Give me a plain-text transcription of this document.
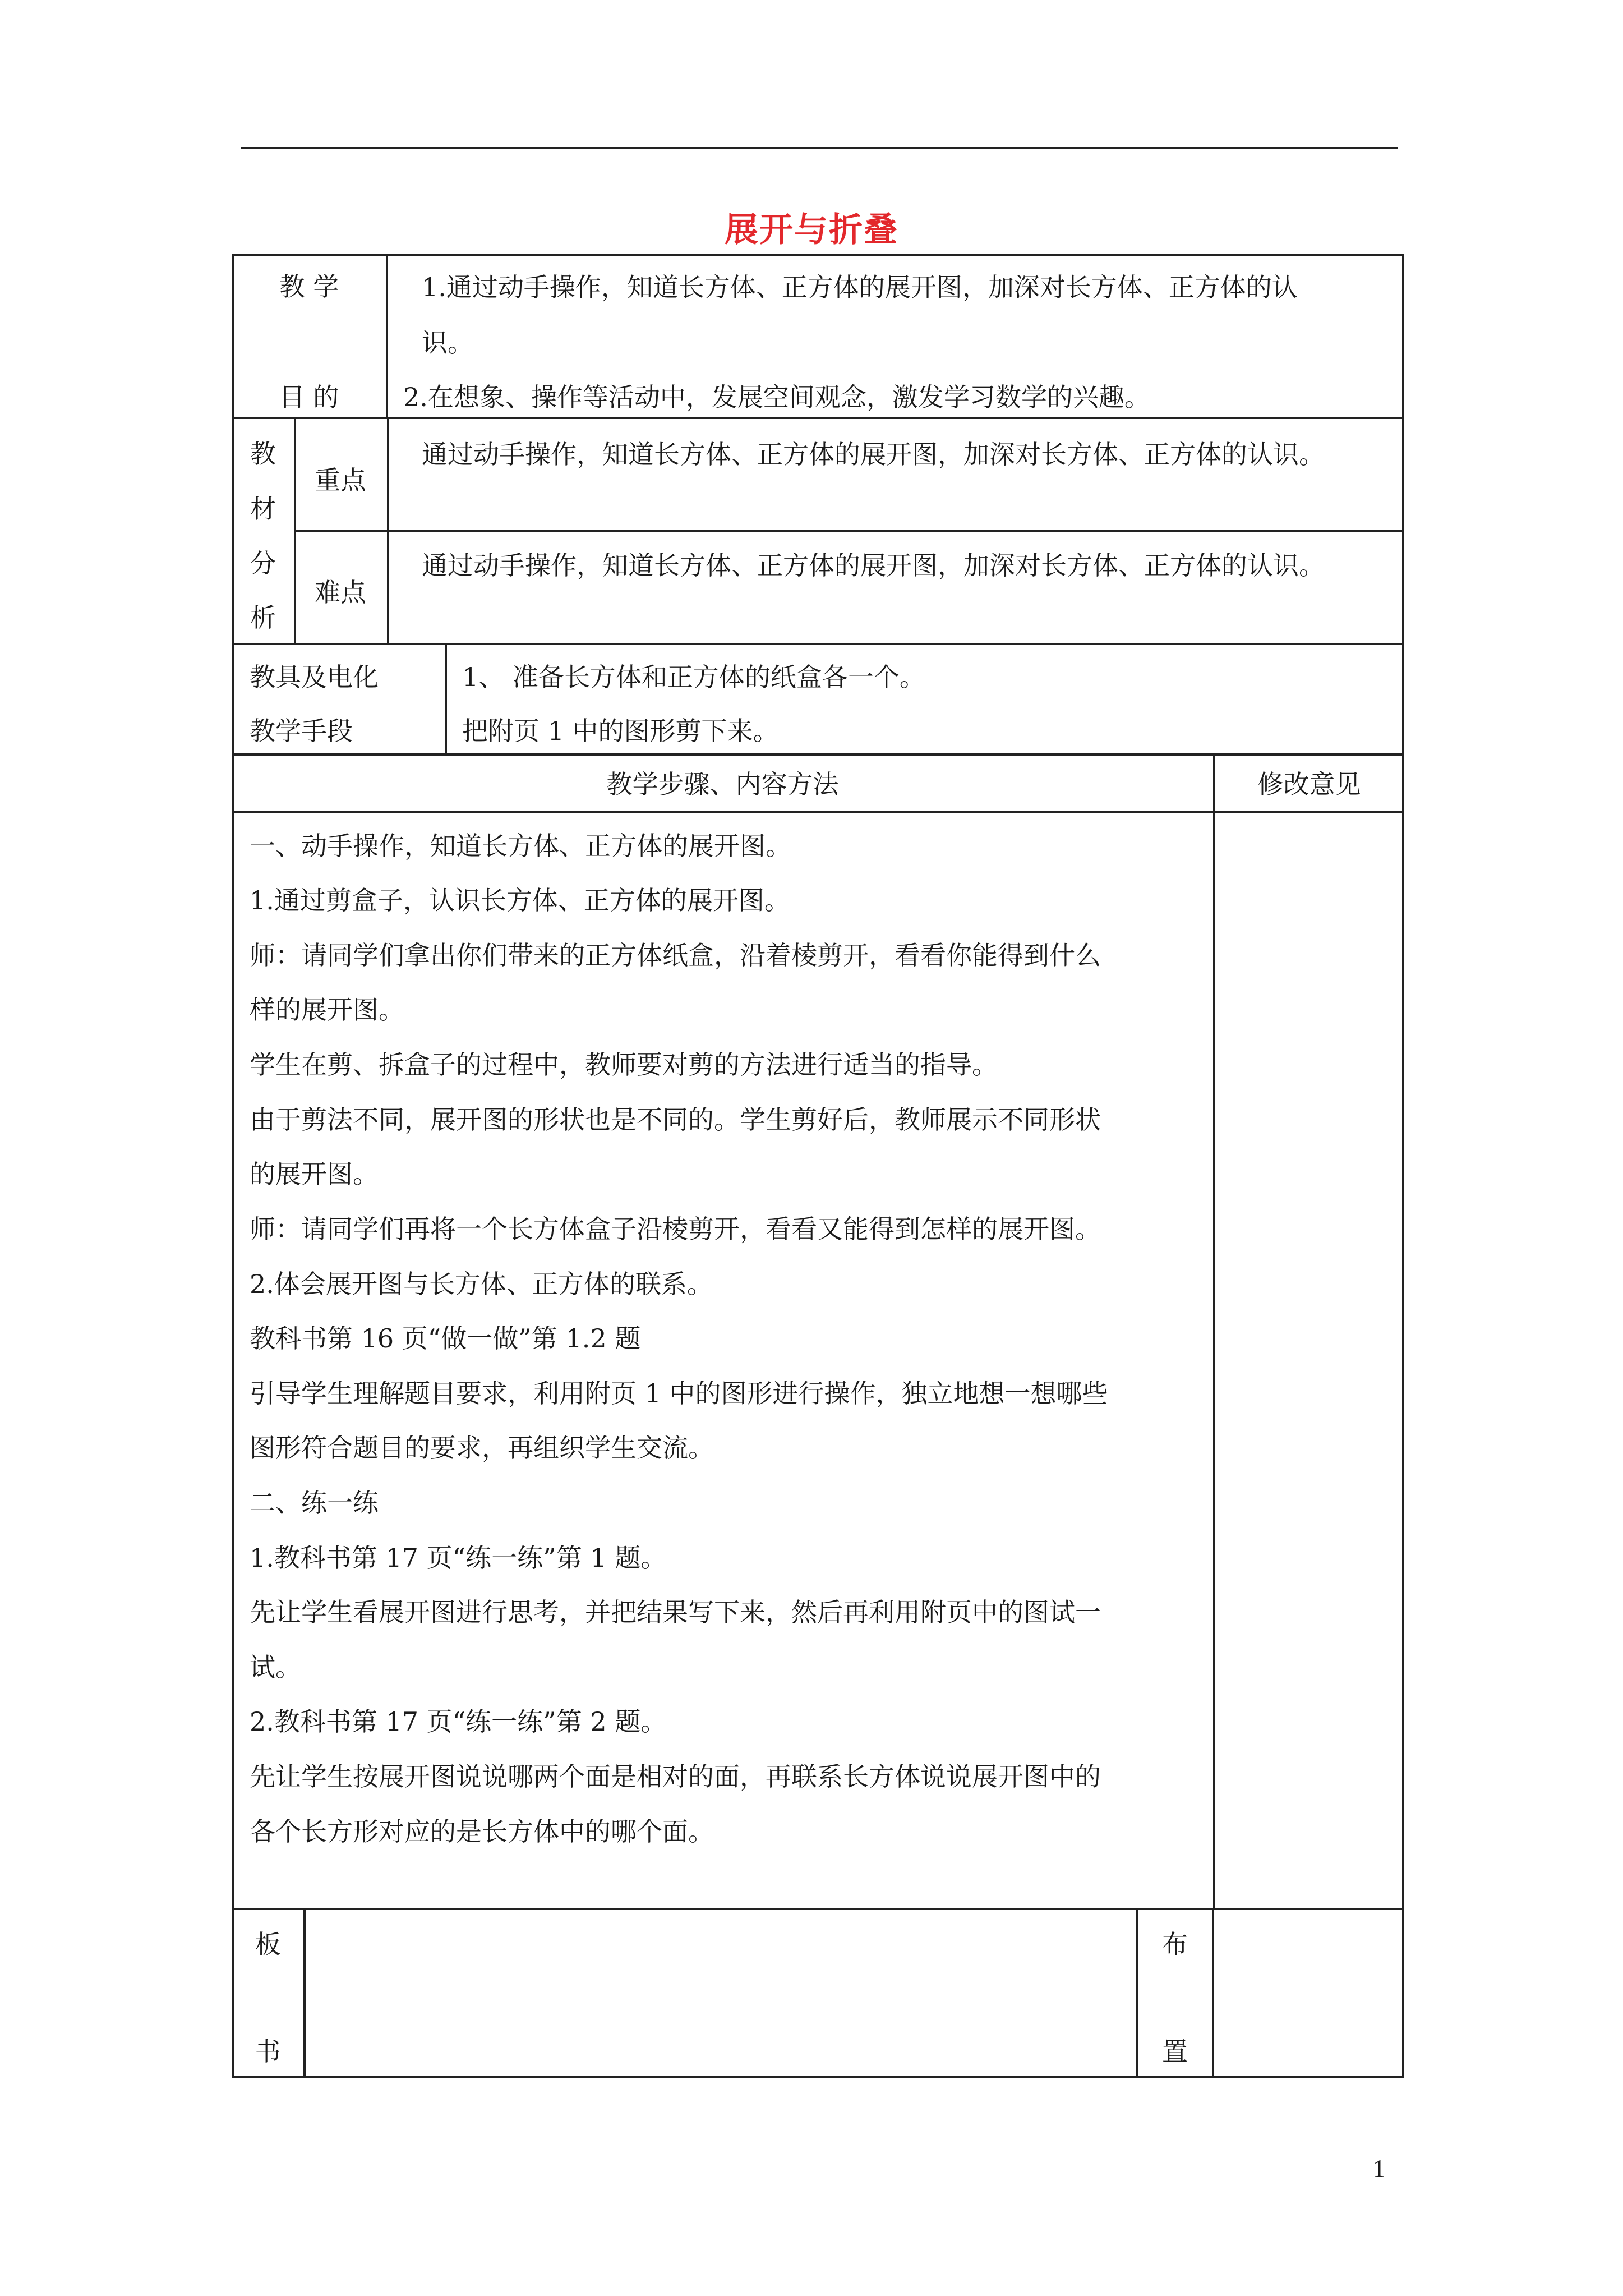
展开与折叠
教 学
目 的
1.通过动手操作，知道长方体、正方体的展开图，加深对长方体、正方体的认
识。
2.在想象、操作等活动中，发展空间观念，激发学习数学的兴趣。
教
材
分
析
重点
通过动手操作，知道长方体、正方体的展开图，加深对长方体、正方体的认识。
难点
通过动手操作，知道长方体、正方体的展开图，加深对长方体、正方体的认识。
教具及电化
教学手段
1、 准备长方体和正方体的纸盒各一个。
把附页 1 中的图形剪下来。
教学步骤、内容方法	修改意见
一、动手操作，知道长方体、正方体的展开图。
1.通过剪盒子，认识长方体、正方体的展开图。
师：请同学们拿出你们带来的正方体纸盒，沿着棱剪开，看看你能得到什么
样的展开图。
学生在剪、拆盒子的过程中，教师要对剪的方法进行适当的指导。
由于剪法不同，展开图的形状也是不同的。学生剪好后，教师展示不同形状
的展开图。
师：请同学们再将一个长方体盒子沿棱剪开，看看又能得到怎样的展开图。
2.体会展开图与长方体、正方体的联系。
教科书第 16 页“做一做”第 1.2 题
引导学生理解题目要求，利用附页 1 中的图形进行操作，独立地想一想哪些
图形符合题目的要求，再组织学生交流。
二、练一练
1.教科书第 17 页“练一练”第 1 题。
先让学生看展开图进行思考，并把结果写下来，然后再利用附页中的图试一
试。
2.教科书第 17 页“练一练”第 2 题。
先让学生按展开图说说哪两个面是相对的面，再联系长方体说说展开图中的
各个长方形对应的是长方体中的哪个面。
板
书
布
置
1
